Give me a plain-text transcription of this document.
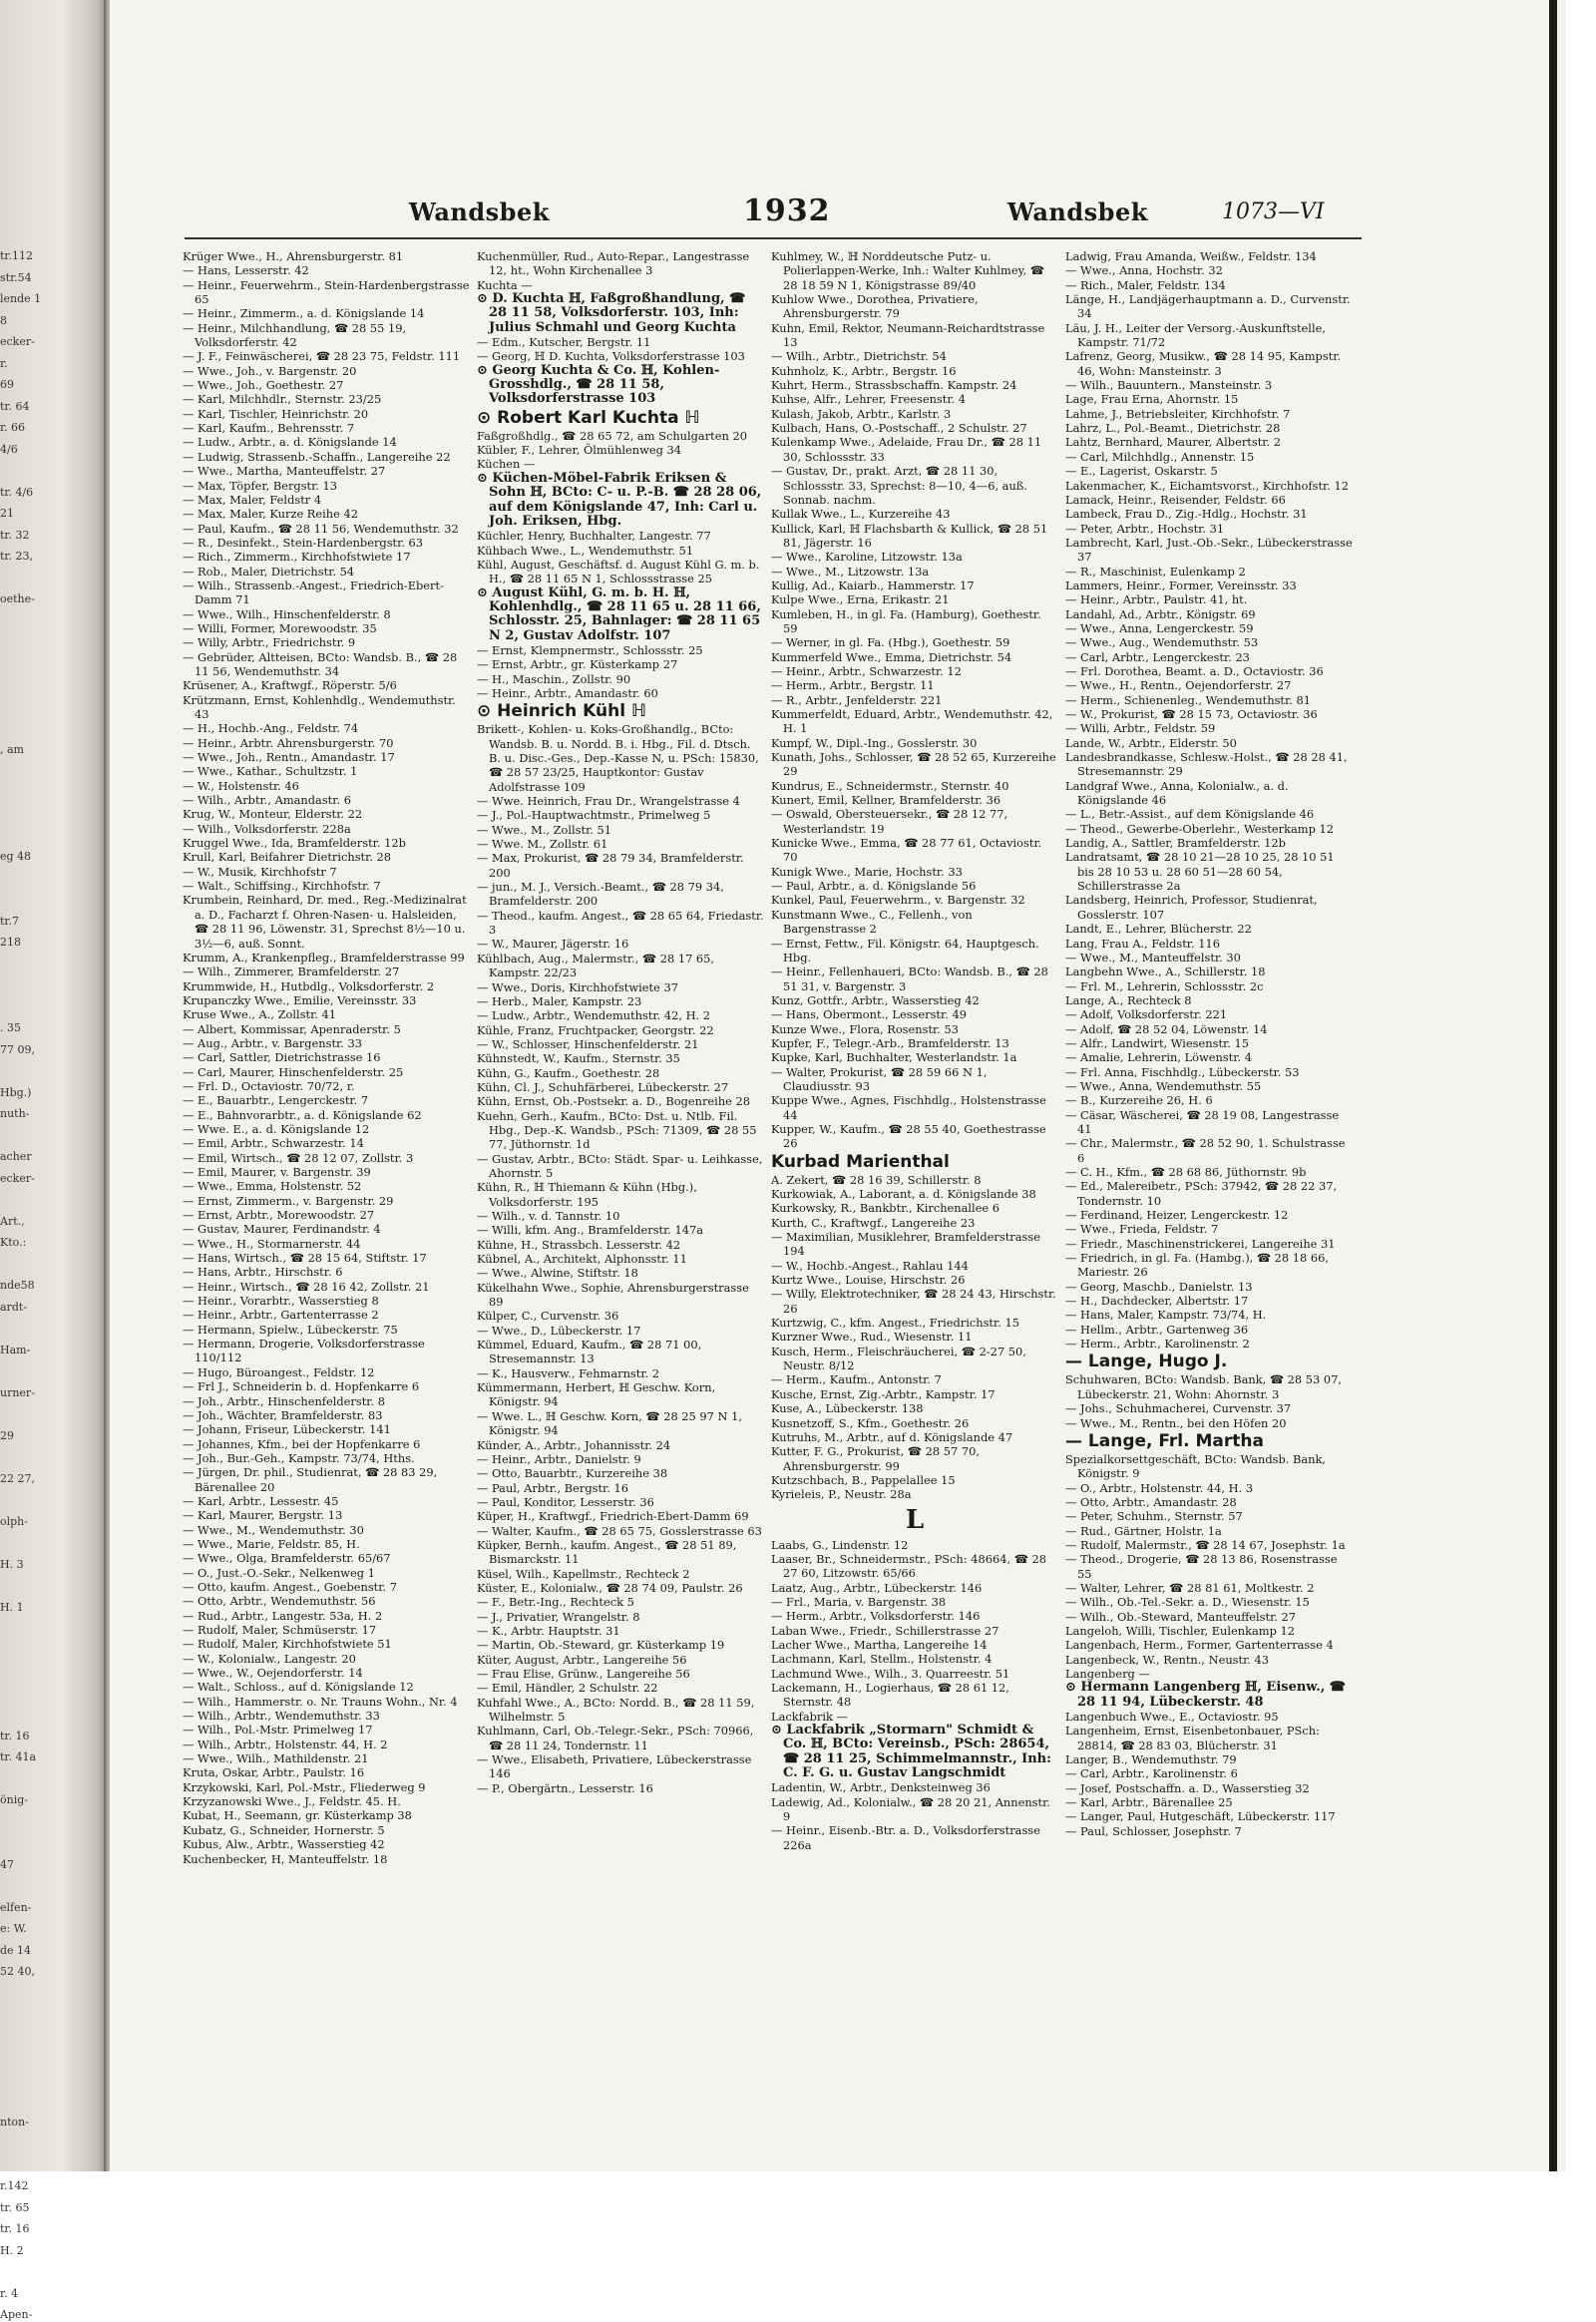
tr.112
str.54
lende 1
8
ecker-
r.
69
tr. 64
r. 66
4/6
tr. 4/6
21
tr. 32
tr. 23,
oethe-
, am
eg 48
tr.7
218
. 35
77 09,
Hbg.)
nuth-
acher
ecker-
Art.,
Kto.:
nde58
ardt-
Ham-
urner-
29
22 27,
olph-
H. 3
H. 1
tr. 16
tr. 41a
önig-
47
elfen-
e: W.
de 14
52 40,
nton-
r.142
tr. 65
tr. 16
H. 2
r. 4
Apen-
Wandsbek	1932	Wandsbek	1073—VI
Krüger Wwe., H., Ahrensburgerstr. 81
— Hans, Lesserstr. 42
— Heinr., Feuerwehrm., Stein-Hardenbergstrasse 65
— Heinr., Zimmerm., a. d. Königslande 14
— Heinr., Milchhandlung, ☎ 28 55 19, Volksdorferstr. 42
— J. F., Feinwäscherei, ☎ 28 23 75, Feldstr. 111
— Wwe., Joh., v. Bargenstr. 20
— Wwe., Joh., Goethestr. 27
— Karl, Milchhdlr., Sternstr. 23/25
— Karl, Tischler, Heinrichstr. 20
— Karl, Kaufm., Behrensstr. 7
— Ludw., Arbtr., a. d. Königslande 14
— Ludwig, Strassenb.-Schaffn., Langereihe 22
— Wwe., Martha, Manteuffelstr. 27
— Max, Töpfer, Bergstr. 13
— Max, Maler, Feldstr 4
— Max, Maler, Kurze Reihe 42
— Paul, Kaufm., ☎ 28 11 56, Wendemuthstr. 32
— R., Desinfekt., Stein-Hardenbergstr. 63
— Rich., Zimmerm., Kirchhofstwiete 17
— Rob., Maler, Dietrichstr. 54
— Wilh., Strassenb.-Angest., Friedrich-Ebert-Damm 71
— Wwe., Wilh., Hinschenfelderstr. 8
— Willi, Former, Morewoodstr. 35
— Willy, Arbtr., Friedrichstr. 9
— Gebrüder, Altteisen, BCto: Wandsb. B., ☎ 28 11 56, Wendemuthstr. 34
Krüsener, A., Kraftwgf., Röperstr. 5/6
Krützmann, Ernst, Kohlenhdlg., Wendemuthstr. 43
— H., Hochb.-Ang., Feldstr. 74
— Heinr., Arbtr. Ahrensburgerstr. 70
— Wwe., Joh., Rentn., Amandastr. 17
— Wwe., Kathar., Schultzstr. 1
— W., Holstenstr. 46
— Wilh., Arbtr., Amandastr. 6
Krug, W., Monteur, Elderstr. 22
— Wilh., Volksdorferstr. 228a
Kruggel Wwe., Ida, Bramfelderstr. 12b
Krull, Karl, Beifahrer Dietrichstr. 28
— W., Musik, Kirchhofstr 7
— Walt., Schiffsing., Kirchhofstr. 7
Krumbein, Reinhard, Dr. med., Reg.-Medizinalrat a. D., Facharzt f. Ohren-Nasen- u. Halsleiden, ☎ 28 11 96, Löwenstr. 31, Sprechst 8½—10 u. 3½—6, auß. Sonnt.
Krumm, A., Krankenpfleg., Bramfelderstrasse 99
— Wilh., Zimmerer, Bramfelderstr. 27
Krummwide, H., Hutbdlg., Volksdorferstr. 2
Krupanczky Wwe., Emilie, Vereinsstr. 33
Kruse Wwe., A., Zollstr. 41
— Albert, Kommissar, Apenraderstr. 5
— Aug., Arbtr., v. Bargenstr. 33
— Carl, Sattler, Dietrichstrasse 16
— Carl, Maurer, Hinschenfelderstr. 25
— Frl. D., Octaviostr. 70/72, r.
— E., Bauarbtr., Lengerckestr. 7
— E., Bahnvorarbtr., a. d. Königslande 62
— Wwe. E., a. d. Königslande 12
— Emil, Arbtr., Schwarzestr. 14
— Emil, Wirtsch., ☎ 28 12 07, Zollstr. 3
— Emil, Maurer, v. Bargenstr. 39
— Wwe., Emma, Holstenstr. 52
— Ernst, Zimmerm., v. Bargenstr. 29
— Ernst, Arbtr., Morewoodstr. 27
— Gustav, Maurer, Ferdinandstr. 4
— Wwe., H., Stormarnerstr. 44
— Hans, Wirtsch., ☎ 28 15 64, Stiftstr. 17
— Hans, Arbtr., Hirschstr. 6
— Heinr., Wirtsch., ☎ 28 16 42, Zollstr. 21
— Heinr., Vorarbtr., Wasserstieg 8
— Heinr., Arbtr., Gartenterrasse 2
— Hermann, Spielw., Lübeckerstr. 75
— Hermann, Drogerie, Volksdorferstrasse 110/112
— Hugo, Büroangest., Feldstr. 12
— Frl J., Schneiderin b. d. Hopfenkarre 6
— Joh., Arbtr., Hinschenfelderstr. 8
— Joh., Wächter, Bramfelderstr. 83
— Johann, Friseur, Lübeckerstr. 141
— Johannes, Kfm., bei der Hopfenkarre 6
— Joh., Bur.-Geh., Kampstr. 73/74, Hths.
— Jürgen, Dr. phil., Studienrat, ☎ 28 83 29, Bärenallee 20
— Karl, Arbtr., Lessestr. 45
— Karl, Maurer, Bergstr. 13
— Wwe., M., Wendemuthstr. 30
— Wwe., Marie, Feldstr. 85, H.
— Wwe., Olga, Bramfelderstr. 65/67
— O., Just.-O.-Sekr., Nelkenweg 1
— Otto, kaufm. Angest., Goebenstr. 7
— Otto, Arbtr., Wendemuthstr. 56
— Rud., Arbtr., Langestr. 53a, H. 2
— Rudolf, Maler, Schmüserstr. 17
— Rudolf, Maler, Kirchhofstwiete 51
— W., Kolonialw., Langestr. 20
— Wwe., W., Oejendorferstr. 14
— Walt., Schloss., auf d. Königslande 12
— Wilh., Hammerstr. o. Nr. Trauns Wohn., Nr. 4
— Wilh., Arbtr., Wendemuthstr. 33
— Wilh., Pol.-Mstr. Primelweg 17
— Wilh., Arbtr., Holstenstr. 44, H. 2
— Wwe., Wilh., Mathildenstr. 21
Kruta, Oskar, Arbtr., Paulstr. 16
Krzykowski, Karl, Pol.-Mstr., Fliederweg 9
Krzyzanowski Wwe., J., Feldstr. 45. H.
Kubat, H., Seemann, gr. Küsterkamp 38
Kubatz, G., Schneider, Hornerstr. 5
Kubus, Alw., Arbtr., Wasserstieg 42
Kuchenbecker, H, Manteuffelstr. 18
Kuchenmüller, Rud., Auto-Repar., Langestrasse 12, ht., Wohn Kirchenallee 3
Kuchta —
⊙ D. Kuchta ℍ, Faßgroßhandlung, ☎ 28 11 58, Volksdorferstr. 103, Inh: Julius Schmahl und Georg Kuchta
— Edm., Kutscher, Bergstr. 11
— Georg, ℍ D. Kuchta, Volksdorferstrasse 103
⊙ Georg Kuchta & Co. ℍ, Kohlen-Grosshdlg., ☎ 28 11 58, Volksdorferstrasse 103
⊙ Robert Karl Kuchta ℍ
Faßgroßhdlg., ☎ 28 65 72, am Schulgarten 20
Kübler, F., Lehrer, Ölmühlenweg 34
Küchen —
⊙ Küchen-Möbel-Fabrik Eriksen & Sohn ℍ, BCto: C- u. P.-B. ☎ 28 28 06, auf dem Königslande 47, Inh: Carl u. Joh. Eriksen, Hbg.
Küchler, Henry, Buchhalter, Langestr. 77
Kühbach Wwe., L., Wendemuthstr. 51
Kühl, August, Geschäftsf. d. August Kühl G. m. b. H., ☎ 28 11 65 N 1, Schlossstrasse 25
⊙ August Kühl, G. m. b. H. ℍ, Kohlenhdlg., ☎ 28 11 65 u. 28 11 66, Schlosstr. 25, Bahnlager: ☎ 28 11 65 N 2, Gustav Adolfstr. 107
— Ernst, Klempnermstr., Schlossstr. 25
— Ernst, Arbtr., gr. Küsterkamp 27
— H., Maschin., Zollstr. 90
— Heinr., Arbtr., Amandastr. 60
⊙ Heinrich Kühl ℍ
Brikett-, Kohlen- u. Koks-Großhandlg., BCto: Wandsb. B. u. Nordd. B. i. Hbg., Fil. d. Dtsch. B. u. Disc.-Ges., Dep.-Kasse N, u. PSch: 15830, ☎ 28 57 23/25, Hauptkontor: Gustav Adolfstrasse 109
— Wwe. Heinrich, Frau Dr., Wrangelstrasse 4
— J., Pol.-Hauptwachtmstr., Primelweg 5
— Wwe., M., Zollstr. 51
— Wwe. M., Zollstr. 61
— Max, Prokurist, ☎ 28 79 34, Bramfelderstr. 200
— jun., M. J., Versich.-Beamt., ☎ 28 79 34, Bramfelderstr. 200
— Theod., kaufm. Angest., ☎ 28 65 64, Friedastr. 3
— W., Maurer, Jägerstr. 16
Kühlbach, Aug., Malermstr., ☎ 28 17 65, Kampstr. 22/23
— Wwe., Doris, Kirchhofstwiete 37
— Herb., Maler, Kampstr. 23
— Ludw., Arbtr., Wendemuthstr. 42, H. 2
Kühle, Franz, Fruchtpacker, Georgstr. 22
— W., Schlosser, Hinschenfelderstr. 21
Kühnstedt, W., Kaufm., Sternstr. 35
Kühn, G., Kaufm., Goethestr. 28
Kühn, Cl. J., Schuhfärberei, Lübeckerstr. 27
Kühn, Ernst, Ob.-Postsekr. a. D., Bogenreihe 28
Kuehn, Gerh., Kaufm., BCto: Dst. u. Ntlb. Fil. Hbg., Dep.-K. Wandsb., PSch: 71309, ☎ 28 55 77, Jüthornstr. 1d
— Gustav, Arbtr., BCto: Städt. Spar- u. Leihkasse, Ahornstr. 5
Kühn, R., ℍ Thiemann & Kühn (Hbg.), Volksdorferstr. 195
— Wilh., v. d. Tannstr. 10
— Willi, kfm. Ang., Bramfelderstr. 147a
Kühne, H., Strassbch. Lesserstr. 42
Kübnel, A., Architekt, Alphonsstr. 11
— Wwe., Alwine, Stiftstr. 18
Kükelhahn Wwe., Sophie, Ahrensburgerstrasse 89
Külper, C., Curvenstr. 36
— Wwe., D., Lübeckerstr. 17
Kümmel, Eduard, Kaufm., ☎ 28 71 00, Stresemannstr. 13
— K., Hausverw., Fehmarnstr. 2
Kümmermann, Herbert, ℍ Geschw. Korn, Königstr. 94
— Wwe. L., ℍ Geschw. Korn, ☎ 28 25 97 N 1, Königstr. 94
Künder, A., Arbtr., Johannisstr. 24
— Heinr., Arbtr., Danielstr. 9
— Otto, Bauarbtr., Kurzereihe 38
— Paul, Arbtr., Bergstr. 16
— Paul, Konditor, Lesserstr. 36
Küper, H., Kraftwgf., Friedrich-Ebert-Damm 69
— Walter, Kaufm., ☎ 28 65 75, Gosslerstrasse 63
Küpker, Bernh., kaufm. Angest., ☎ 28 51 89, Bismarckstr. 11
Küsel, Wilh., Kapellmstr., Rechteck 2
Küster, E., Kolonialw., ☎ 28 74 09, Paulstr. 26
— F., Betr.-Ing., Rechteck 5
— J., Privatier, Wrangelstr. 8
— K., Arbtr. Hauptstr. 31
— Martin, Ob.-Steward, gr. Küsterkamp 19
Küter, August, Arbtr., Langereihe 56
— Frau Elise, Grünw., Langereihe 56
— Emil, Händler, 2 Schulstr. 22
Kuhfahl Wwe., A., BCto: Nordd. B., ☎ 28 11 59, Wilhelmstr. 5
Kuhlmann, Carl, Ob.-Telegr.-Sekr., PSch: 70966, ☎ 28 11 24, Tondernstr. 11
— Wwe., Elisabeth, Privatiere, Lübeckerstrasse 146
— P., Obergärtn., Lesserstr. 16
Kuhlmey, W., ℍ Norddeutsche Putz- u. Polierlappen-Werke, Inh.: Walter Kuhlmey, ☎ 28 18 59 N 1, Königstrasse 89/40
Kuhlow Wwe., Dorothea, Privatiere, Ahrensburgerstr. 79
Kuhn, Emil, Rektor, Neumann-Reichardtstrasse 13
— Wilh., Arbtr., Dietrichstr. 54
Kuhnholz, K., Arbtr., Bergstr. 16
Kuhrt, Herm., Strassbschaffn. Kampstr. 24
Kuhse, Alfr., Lehrer, Freesenstr. 4
Kulash, Jakob, Arbtr., Karlstr. 3
Kulbach, Hans, O.-Postschaff., 2 Schulstr. 27
Kulenkamp Wwe., Adelaide, Frau Dr., ☎ 28 11 30, Schlossstr. 33
— Gustav, Dr., prakt. Arzt, ☎ 28 11 30, Schlossstr. 33, Sprechst: 8—10, 4—6, auß. Sonnab. nachm.
Kullak Wwe., L., Kurzereihe 43
Kullick, Karl, ℍ Flachsbarth & Kullick, ☎ 28 51 81, Jägerstr. 16
— Wwe., Karoline, Litzowstr. 13a
— Wwe., M., Litzowstr. 13a
Kullig, Ad., Kaiarb., Hammerstr. 17
Kulpe Wwe., Erna, Erikastr. 21
Kumleben, H., in gl. Fa. (Hamburg), Goethestr. 59
— Werner, in gl. Fa. (Hbg.), Goethestr. 59
Kummerfeld Wwe., Emma, Dietrichstr. 54
— Heinr., Arbtr., Schwarzestr. 12
— Herm., Arbtr., Bergstr. 11
— R., Arbtr., Jenfelderstr. 221
Kummerfeldt, Eduard, Arbtr., Wendemuthstr. 42, H. 1
Kumpf, W., Dipl.-Ing., Gosslerstr. 30
Kunath, Johs., Schlosser, ☎ 28 52 65, Kurzereihe 29
Kundrus, E., Schneidermstr., Sternstr. 40
Kunert, Emil, Kellner, Bramfelderstr. 36
— Oswald, Obersteuersekr., ☎ 28 12 77, Westerlandstr. 19
Kunicke Wwe., Emma, ☎ 28 77 61, Octaviostr. 70
Kunigk Wwe., Marie, Hochstr. 33
— Paul, Arbtr., a. d. Königslande 56
Kunkel, Paul, Feuerwehrm., v. Bargenstr. 32
Kunstmann Wwe., C., Fellenh., von Bargenstrasse 2
— Ernst, Fettw., Fil. Königstr. 64, Hauptgesch. Hbg.
— Heinr., Fellenhaueri, BCto: Wandsb. B., ☎ 28 51 31, v. Bargenstr. 3
Kunz, Gottfr., Arbtr., Wasserstieg 42
— Hans, Obermont., Lesserstr. 49
Kunze Wwe., Flora, Rosenstr. 53
Kupfer, F., Telegr.-Arb., Bramfelderstr. 13
Kupke, Karl, Buchhalter, Westerlandstr. 1a
— Walter, Prokurist, ☎ 28 59 66 N 1, Claudiusstr. 93
Kuppe Wwe., Agnes, Fischhdlg., Holstenstrasse 44
Kupper, W., Kaufm., ☎ 28 55 40, Goethestrasse 26
Kurbad Marienthal
A. Zekert, ☎ 28 16 39, Schillerstr. 8
Kurkowiak, A., Laborant, a. d. Königslande 38
Kurkowsky, R., Bankbtr., Kirchenallee 6
Kurth, C., Kraftwgf., Langereihe 23
— Maximilian, Musiklehrer, Bramfelderstrasse 194
— W., Hochb.-Angest., Rahlau 144
Kurtz Wwe., Louise, Hirschstr. 26
— Willy, Elektrotechniker, ☎ 28 24 43, Hirschstr. 26
Kurtzwig, C., kfm. Angest., Friedrichstr. 15
Kurzner Wwe., Rud., Wiesenstr. 11
Kusch, Herm., Fleischräucherei, ☎ 2-27 50, Neustr. 8/12
— Herm., Kaufm., Antonstr. 7
Kusche, Ernst, Zig.-Arbtr., Kampstr. 17
Kuse, A., Lübeckerstr. 138
Kusnetzoff, S., Kfm., Goethestr. 26
Kutruhs, M., Arbtr., auf d. Königslande 47
Kutter, F. G., Prokurist, ☎ 28 57 70, Ahrensburgerstr. 99
Kutzschbach, B., Pappelallee 15
Kyrieleis, P., Neustr. 28a
L
Laabs, G., Lindenstr. 12
Laaser, Br., Schneidermstr., PSch: 48664, ☎ 28 27 60, Litzowstr. 65/66
Laatz, Aug., Arbtr., Lübeckerstr. 146
— Frl., Maria, v. Bargenstr. 38
— Herm., Arbtr., Volksdorferstr. 146
Laban Wwe., Friedr., Schillerstrasse 27
Lacher Wwe., Martha, Langereihe 14
Lachmann, Karl, Stellm., Holstenstr. 4
Lachmund Wwe., Wilh., 3. Quarreestr. 51
Lackemann, H., Logierhaus, ☎ 28 61 12, Sternstr. 48
Lackfabrik —
⊙ Lackfabrik „Stormarn" Schmidt & Co. ℍ, BCto: Vereinsb., PSch: 28654, ☎ 28 11 25, Schimmelmannstr., Inh: C. F. G. u. Gustav Langschmidt
Ladentin, W., Arbtr., Denksteinweg 36
Ladewig, Ad., Kolonialw., ☎ 28 20 21, Annenstr. 9
— Heinr., Eisenb.-Btr. a. D., Volksdorferstrasse 226a
Ladwig, Frau Amanda, Weißw., Feldstr. 134
— Wwe., Anna, Hochstr. 32
— Rich., Maler, Feldstr. 134
Länge, H., Landjägerhauptmann a. D., Curvenstr. 34
Läu, J. H., Leiter der Versorg.-Auskunftstelle, Kampstr. 71/72
Lafrenz, Georg, Musikw., ☎ 28 14 95, Kampstr. 46, Wohn: Mansteinstr. 3
— Wilh., Bauuntern., Mansteinstr. 3
Lage, Frau Erna, Ahornstr. 15
Lahme, J., Betriebsleiter, Kirchhofstr. 7
Lahrz, L., Pol.-Beamt., Dietrichstr. 28
Lahtz, Bernhard, Maurer, Albertstr. 2
— Carl, Milchhdlg., Annenstr. 15
— E., Lagerist, Oskarstr. 5
Lakenmacher, K., Eichamtsvorst., Kirchhofstr. 12
Lamack, Heinr., Reisender, Feldstr. 66
Lambeck, Frau D., Zig.-Hdlg., Hochstr. 31
— Peter, Arbtr., Hochstr. 31
Lambrecht, Karl, Just.-Ob.-Sekr., Lübeckerstrasse 37
— R., Maschinist, Eulenkamp 2
Lammers, Heinr., Former, Vereinsstr. 33
— Heinr., Arbtr., Paulstr. 41, ht.
Landahl, Ad., Arbtr., Königstr. 69
— Wwe., Anna, Lengerckestr. 59
— Wwe., Aug., Wendemuthstr. 53
— Carl, Arbtr., Lengerckestr. 23
— Frl. Dorothea, Beamt. a. D., Octaviostr. 36
— Wwe., H., Rentn., Oejendorferstr. 27
— Herm., Schienenleg., Wendemuthstr. 81
— W., Prokurist, ☎ 28 15 73, Octaviostr. 36
— Willi, Arbtr., Feldstr. 59
Lande, W., Arbtr., Elderstr. 50
Landesbrandkasse, Schlesw.-Holst., ☎ 28 28 41, Stresemannstr. 29
Landgraf Wwe., Anna, Kolonialw., a. d. Königslande 46
— L., Betr.-Assist., auf dem Königslande 46
— Theod., Gewerbe-Oberlehr., Westerkamp 12
Landig, A., Sattler, Bramfelderstr. 12b
Landratsamt, ☎ 28 10 21—28 10 25, 28 10 51 bis 28 10 53 u. 28 60 51—28 60 54, Schillerstrasse 2a
Landsberg, Heinrich, Professor, Studienrat, Gosslerstr. 107
Landt, E., Lehrer, Blücherstr. 22
Lang, Frau A., Feldstr. 116
— Wwe., M., Manteuffelstr. 30
Langbehn Wwe., A., Schillerstr. 18
— Frl. M., Lehrerin, Schlossstr. 2c
Lange, A., Rechteck 8
— Adolf, Volksdorferstr. 221
— Adolf, ☎ 28 52 04, Löwenstr. 14
— Alfr., Landwirt, Wiesenstr. 15
— Amalie, Lehrerin, Löwenstr. 4
— Frl. Anna, Fischhdlg., Lübeckerstr. 53
— Wwe., Anna, Wendemuthstr. 55
— B., Kurzereihe 26, H. 6
— Cäsar, Wäscherei, ☎ 28 19 08, Langestrasse 41
— Chr., Malermstr., ☎ 28 52 90, 1. Schulstrasse 6
— C. H., Kfm., ☎ 28 68 86, Jüthornstr. 9b
— Ed., Malereibetr., PSch: 37942, ☎ 28 22 37, Tondernstr. 10
— Ferdinand, Heizer, Lengerckestr. 12
— Wwe., Frieda, Feldstr. 7
— Friedr., Maschinenstrickerei, Langereihe 31
— Friedrich, in gl. Fa. (Hambg.), ☎ 28 18 66, Mariestr. 26
— Georg, Maschb., Danielstr. 13
— H., Dachdecker, Albertstr. 17
— Hans, Maler, Kampstr. 73/74, H.
— Hellm., Arbtr., Gartenweg 36
— Herm., Arbtr., Karolinenstr. 2
— Lange, Hugo J.
Schuhwaren, BCto: Wandsb. Bank, ☎ 28 53 07, Lübeckerstr. 21, Wohn: Ahornstr. 3
— Johs., Schuhmacherei, Curvenstr. 37
— Wwe., M., Rentn., bei den Höfen 20
— Lange, Frl. Martha
Spezialkorsettgeschäft, BCto: Wandsb. Bank, Königstr. 9
— O., Arbtr., Holstenstr. 44, H. 3
— Otto, Arbtr., Amandastr. 28
— Peter, Schuhm., Sternstr. 57
— Rud., Gärtner, Holstr. 1a
— Rudolf, Malermstr., ☎ 28 14 67, Josephstr. 1a
— Theod., Drogerie, ☎ 28 13 86, Rosenstrasse 55
— Walter, Lehrer, ☎ 28 81 61, Moltkestr. 2
— Wilh., Ob.-Tel.-Sekr. a. D., Wiesenstr. 15
— Wilh., Ob.-Steward, Manteuffelstr. 27
Langeloh, Willi, Tischler, Eulenkamp 12
Langenbach, Herm., Former, Gartenterrasse 4
Langenbeck, W., Rentn., Neustr. 43
Langenberg —
⊙ Hermann Langenberg ℍ, Eisenw., ☎ 28 11 94, Lübeckerstr. 48
Langenbuch Wwe., E., Octaviostr. 95
Langenheim, Ernst, Eisenbetonbauer, PSch: 28814, ☎ 28 83 03, Blücherstr. 31
Langer, B., Wendemuthstr. 79
— Carl, Arbtr., Karolinenstr. 6
— Josef, Postschaffn. a. D., Wasserstieg 32
— Karl, Arbtr., Bärenallee 25
— Langer, Paul, Hutgeschäft, Lübeckerstr. 117
— Paul, Schlosser, Josephstr. 7
